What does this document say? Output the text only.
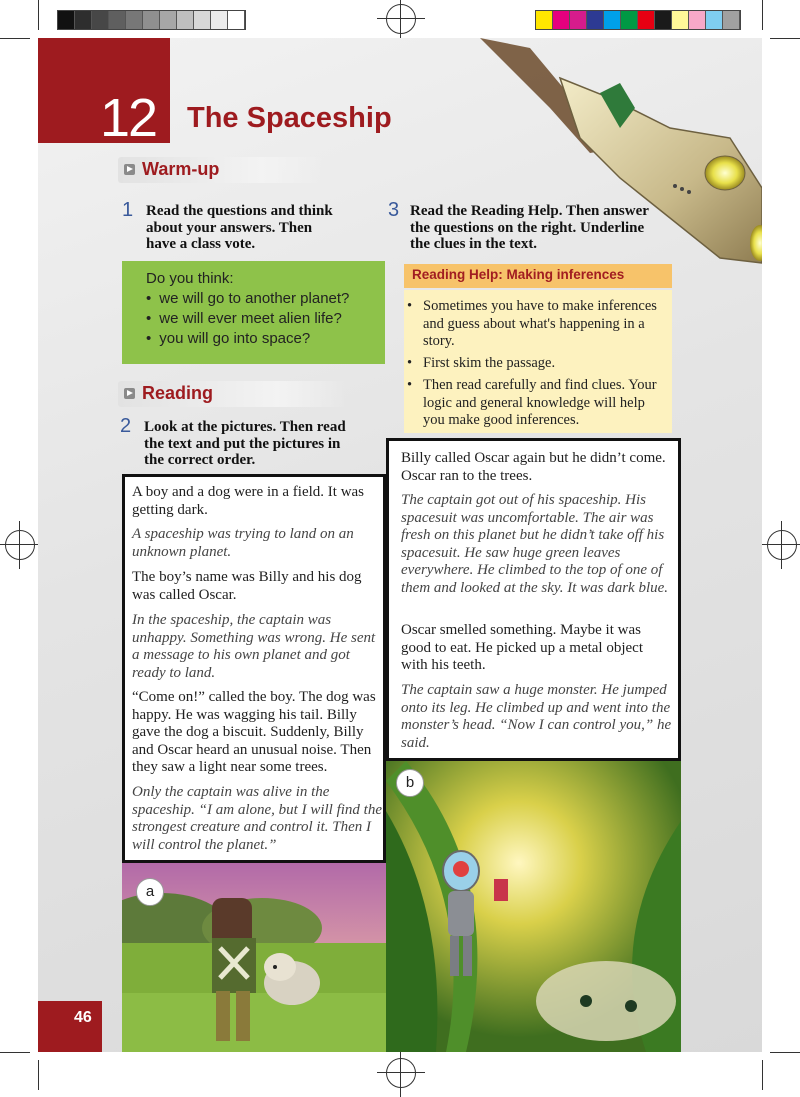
12 The Spaceship
Warm-up
1 Read the questions and think
about your answers. Then
have a class vote.
Do you think:
• we will go to another planet?
• we will ever meet alien life?
• you will go into space?
Reading
2 Look at the pictures. Then read
the text and put the pictures in
the correct order.
3 Read the Reading Help. Then answer
the questions on the right. Underline
the clues in the text.
Reading Help: Making inferences
• Sometimes you have to make inferences and guess about what's happening in a story.
• First skim the passage.
• Then read carefully and find clues. Your logic and general knowledge will help you make good inferences.
A boy and a dog were in a field. It was getting dark.
A spaceship was trying to land on an unknown planet.
The boy’s name was Billy and his dog was called Oscar.
In the spaceship, the captain was unhappy. Something was wrong. He sent a message to his own planet and got ready to land.
“Come on!” called the boy. The dog was happy. He was wagging his tail. Billy gave the dog a biscuit. Suddenly, Billy and Oscar heard an unusual noise. Then they saw a light near some trees.
Only the captain was alive in the spaceship. “I am alone, but I will find the strongest creature and control it. Then I will control the planet.”
Billy called Oscar again but he didn’t come. Oscar ran to the trees.
The captain got out of his spaceship. His spacesuit was uncomfortable. The air was fresh on this planet but he didn’t take off his spacesuit. He saw huge green leaves everywhere. He climbed to the top of one of them and looked at the sky. It was dark blue.
Oscar smelled something. Maybe it was good to eat. He picked up a metal object with his teeth.
The captain saw a huge monster. He jumped onto its leg. He climbed up and went into the monster’s head. “Now I can control you,” he said.
a
b
46
